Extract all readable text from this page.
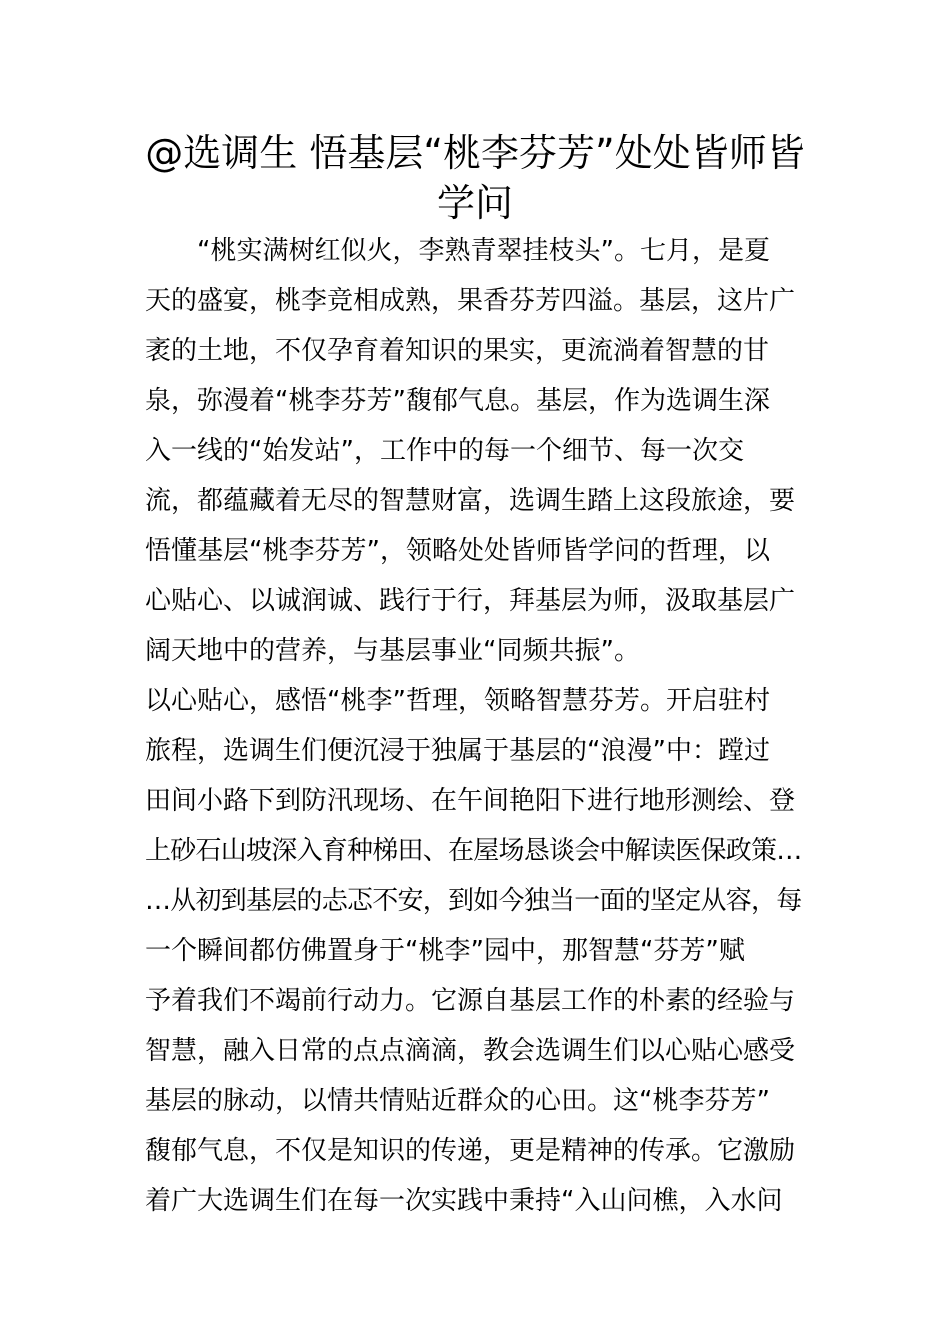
@选调生 悟基层“桃李芬芳”处处皆师皆
学问
　　“桃实满树红似火，李熟青翠挂枝头”。七月，是夏
天的盛宴，桃李竞相成熟，果香芬芳四溢。基层，这片广
袤的土地，不仅孕育着知识的果实，更流淌着智慧的甘
泉，弥漫着“桃李芬芳”馥郁气息。基层，作为选调生深
入一线的“始发站”，工作中的每一个细节、每一次交
流，都蕴藏着无尽的智慧财富，选调生踏上这段旅途，要
悟懂基层“桃李芬芳”，领略处处皆师皆学问的哲理，以
心贴心、以诚润诚、践行于行，拜基层为师，汲取基层广
阔天地中的营养，与基层事业“同频共振”。
以心贴心，感悟“桃李”哲理，领略智慧芬芳。开启驻村
旅程，选调生们便沉浸于独属于基层的“浪漫”中：蹚过
田间小路下到防汛现场、在午间艳阳下进行地形测绘、登
上砂石山坡深入育种梯田、在屋场恳谈会中解读医保政策…
…从初到基层的忐忑不安，到如今独当一面的坚定从容，每
一个瞬间都仿佛置身于“桃李”园中，那智慧“芬芳”赋
予着我们不竭前行动力。它源自基层工作的朴素的经验与
智慧，融入日常的点点滴滴，教会选调生们以心贴心感受
基层的脉动，以情共情贴近群众的心田。这“桃李芬芳”
馥郁气息，不仅是知识的传递，更是精神的传承。它激励
着广大选调生们在每一次实践中秉持“入山问樵，入水问
